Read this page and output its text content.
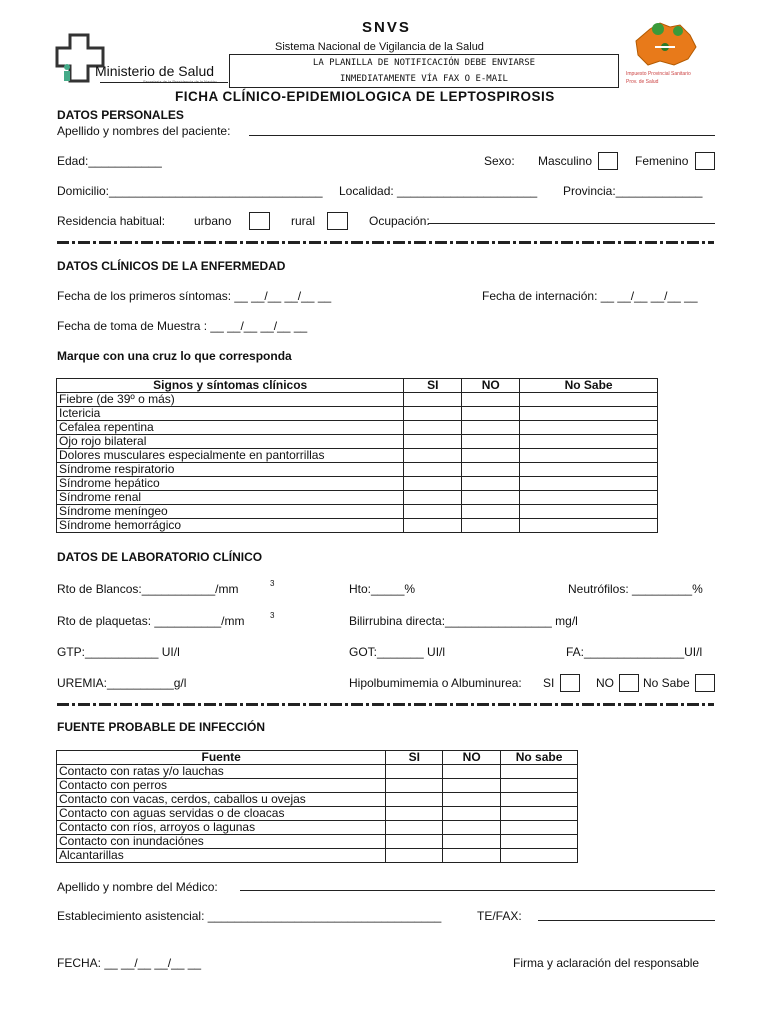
Ministerio de Salud
Secretaría de la Presidencia de la Nación
SNVS
Sistema Nacional de Vigilancia de la Salud
LA PLANILLA DE NOTIFICACIÓN DEBE ENVIARSE
INMEDIATAMENTE VÍA FAX O E-MAIL	Impuesto Provincial Sanitario
Prov. de Salud
FICHA CLÍNICO-EPIDEMIOLOGICA DE LEPTOSPIROSIS
DATOS PERSONALES
Apellido y nombres del paciente:
Edad:___________	Sexo: Masculino	Femenino
Domicilio:________________________________ Localidad: _____________________ Provincia:_____________
Residencia habitual: urbano	rural	Ocupación:
DATOS CLÍNICOS DE LA ENFERMEDAD
Fecha de los primeros síntomas: __ __/__ __/__ __	Fecha de internación: __ __/__ __/__ __
Fecha de toma de Muestra : __ __/__ __/__ __
Marque con una cruz lo que corresponda
Signos y síntomas clínicos	SI	NO	No Sabe
Fiebre (de 39º o más)			
Ictericia			
Cefalea repentina			
Ojo rojo bilateral			
Dolores musculares especialmente en pantorrillas			
Síndrome respiratorio			
Síndrome hepático			
Síndrome renal			
Síndrome meníngeo			
Síndrome hemorrágico			
DATOS DE LABORATORIO CLÍNICO
Rto de Blancos:___________/mm	3	Hto:_____%	Neutrófilos: _________%
Rto de plaquetas: __________/mm	3	Bilirrubina directa:________________ mg/l
GTP:___________ UI/l	GOT:_______ UI/l	FA:_______________UI/l
UREMIA:__________g/l	Hipolbumimemia o Albuminurea: SI	NO No Sabe
FUENTE PROBABLE DE INFECCIÓN
Fuente	SI	NO	No sabe
Contacto con ratas y/o lauchas			
Contacto con perros			
Contacto con vacas, cerdos, caballos u ovejas			
Contacto con aguas servidas o de cloacas			
Contacto con ríos, arroyos o lagunas			
Contacto con inundaciónes			
Alcantarillas			
Apellido y nombre del Médico:
Establecimiento asistencial: ___________________________________	TE/FAX:
FECHA: __ __/__ __/__ __	Firma y aclaración del responsable
